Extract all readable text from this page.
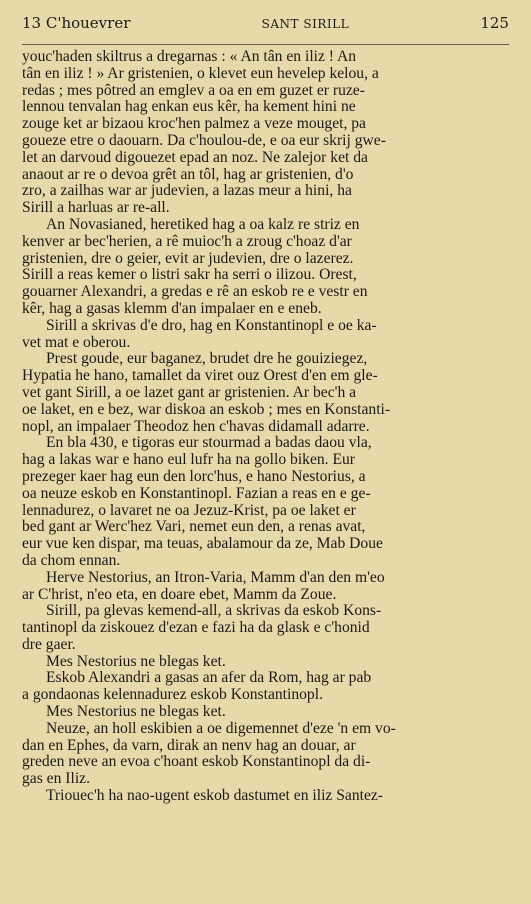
13 C'houevrer	SANT SIRILL	125
youc'haden skiltrus a dregarnas : « An tân en iliz ! An
tân en iliz ! » Ar gristenien, o klevet eun hevelep kelou, a
redas ; mes pôtred an emglev a oa en em guzet er ruze-
lennou tenvalan hag enkan eus kêr, ha kement hini ne
zouge ket ar bizaou kroc'hen palmez a veze mouget, pa
goueze etre o daouarn. Da c'houlou-de, e oa eur skrij gwe-
let an darvoud digouezet epad an noz. Ne zalejor ket da
anaout ar re o devoa grêt an tôl, hag ar gristenien, d'o
zro, a zailhas war ar judevien, a lazas meur a hini, ha
Sirill a harluas ar re-all.
An Novasianed, heretiked hag a oa kalz re striz en
kenver ar bec'herien, a rê muioc'h a zroug c'hoaz d'ar
gristenien, dre o geier, evit ar judevien, dre o lazerez.
Sirill a reas kemer o listri sakr ha serri o ilizou. Orest,
gouarner Alexandri, a gredas e rê an eskob re e vestr en
kêr, hag a gasas klemm d'an impalaer en e eneb.
Sirill a skrivas d'e dro, hag en Konstantinopl e oe ka-
vet mat e oberou.
Prest goude, eur baganez, brudet dre he gouiziegez,
Hypatia he hano, tamallet da viret ouz Orest d'en em gle-
vet gant Sirill, a oe lazet gant ar gristenien. Ar bec'h a
oe laket, en e bez, war diskoa an eskob ; mes en Konstanti-
nopl, an impalaer Theodoz hen c'havas didamall adarre.
En bla 430, e tigoras eur stourmad a badas daou vla,
hag a lakas war e hano eul lufr ha na gollo biken. Eur
prezeger kaer hag eun den lorc'hus, e hano Nestorius, a
oa neuze eskob en Konstantinopl. Fazian a reas en e ge-
lennadurez, o lavaret ne oa Jezuz-Krist, pa oe laket er
bed gant ar Werc'hez Vari, nemet eun den, a renas avat,
eur vue ken dispar, ma teuas, abalamour da ze, Mab Doue
da chom ennan.
Herve Nestorius, an Itron-Varia, Mamm d'an den m'eo
ar C'hrist, n'eo eta, en doare ebet, Mamm da Zoue.
Sirill, pa glevas kemend-all, a skrivas da eskob Kons-
tantinopl da ziskouez d'ezan e fazi ha da glask e c'honid
dre gaer.
Mes Nestorius ne blegas ket.
Eskob Alexandri a gasas an afer da Rom, hag ar pab
a gondaonas kelennadurez eskob Konstantinopl.
Mes Nestorius ne blegas ket.
Neuze, an holl eskibien a oe digemennet d'eze 'n em vo-
dan en Ephes, da varn, dirak an nenv hag an douar, ar
greden neve an evoa c'hoant eskob Konstantinopl da di-
gas en Iliz.
Triouec'h ha nao-ugent eskob dastumet en iliz Santez-
